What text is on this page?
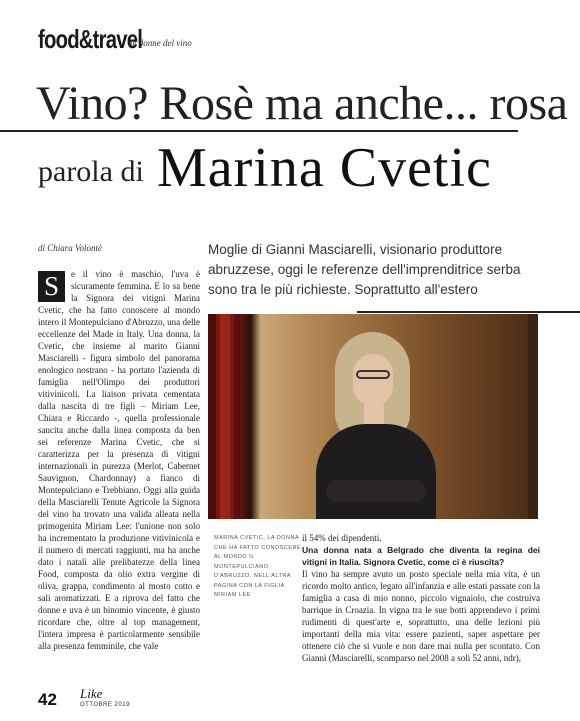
food&travel
le donne del vino
Vino? Rosè ma anche... rosa
parola di Marina Cvetic
di Chiara Volontè	Moglie di Gianni Masciarelli, visionario produttore abruzzese, oggi le referenze dell'imprenditrice serba sono tra le più richieste. Soprattutto all'estero
S	e il vino è maschio, l'uva è sicuramente femmina. E lo sa bene la Signora dei vitigni Marina Cvetic, che ha fatto conoscere al mondo intero il Montepulciano d'Abruzzo, una delle eccellenze del Made in Italy. Una donna, la Cvetic, che insieme al marito Gianni Masciarelli - figura simbolo del panorama enologico nostrano - ha portato l'azienda di famiglia nell'Olimpo dei produttori vitivinicoli. La liaison privata cementata dalla nascita di tre figli – Miriam Lee, Chiara e Riccardo -, quella professionale sancita anche dalla linea composta da ben sei referenze Marina Cvetic, che si caratterizza per la presenza di vitigni internazionali in purezza (Merlot, Cabernet Sauvignon, Chardonnay) a fianco di Montepulciano e Trebbiano. Oggi alla guida della Masciarelli Tenute Agricole la Signora del vino ha trovato una valida alleata nella primogenita Miriam Lee: l'unione non solo ha incrementato la produzione vitivinicola e il numero di mercati raggiunti, ma ha anche dato i natali alle prelibatezze della linea Food, composta da olio extra vergine di oliva, grappa, condimento al mosto cotto e sali aromatizzati. E a riprova del fatto che donne e uva è un binomio vincente, è giusto ricordare che, oltre al top management, l'intera impresa è particolarmente sensibile alla presenza femminile, che vale
MARINA CVETIC, LA DONNA CHE HA FATTO CONOSCERE AL MONDO IL MONTEPULCIANO D'ABRUZZO. NELL'ALTRA PAGINA CON LA FIGLIA MIRIAM LEE

il 54% dei dipendenti.

Una donna nata a Belgrado che diventa la regina dei vitigni in Italia. Signora Cvetic, come ci è riuscita?

Il vino ha sempre avuto un posto speciale nella mia vita, è un ricordo molto antico, legato all'infanzia e alle estati passate con la famiglia a casa di mio nonno, piccolo vignaiolo, che costruiva barrique in Croazia. In vigna tra le sue botti apprendevo i primi rudimenti di quest'arte e, soprattutto, una delle lezioni più importanti della mia vita: essere pazienti, saper aspettare per ottenere ciò che si vuole e non dare mai nulla per scontato. Con Gianni (Masciarelli, scomparso nel 2008 a soli 52 anni, ndr),

42 Like
OTTOBRE 2019
